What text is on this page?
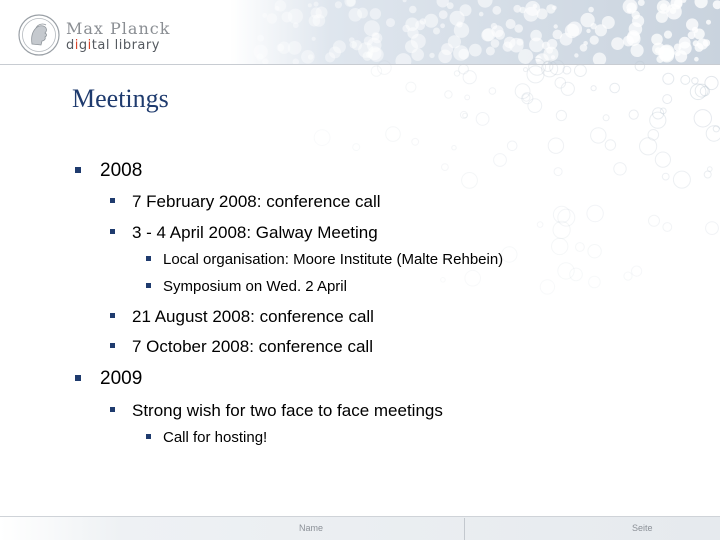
Max Planck
digital library
Meetings
2008
7 February 2008: conference call
3 - 4 April 2008: Galway Meeting
Local organisation: Moore Institute (Malte Rehbein)
Symposium on Wed. 2 April
21 August 2008: conference call
7 October 2008: conference call
2009
Strong wish for two face to face meetings
Call for hosting!
Name	Seite
